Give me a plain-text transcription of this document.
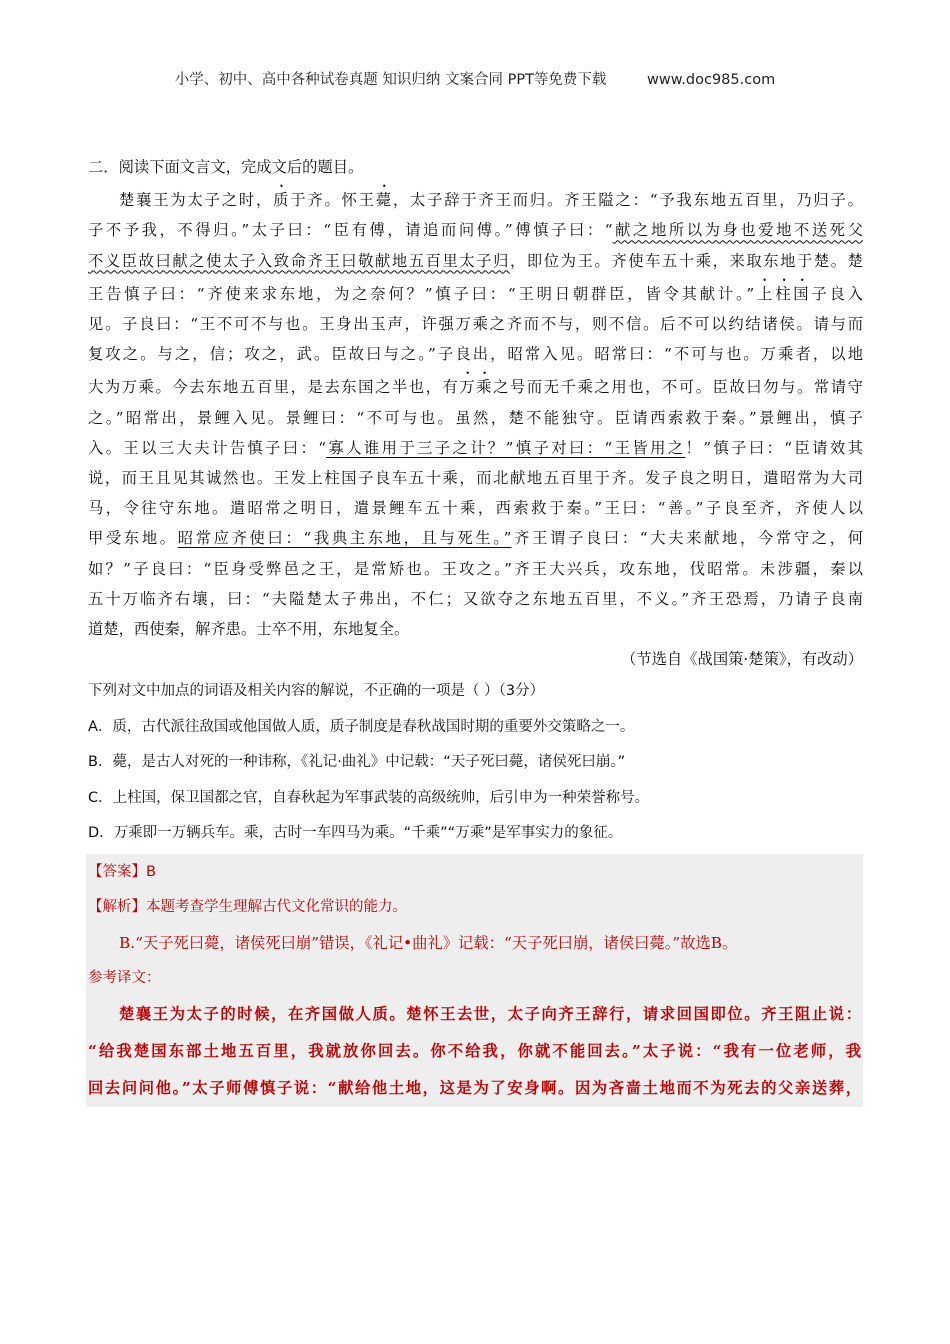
小学、初中、高中各种试卷真题 知识归纳 文案合同 PPT等免费下载	www.doc985.com
二．阅读下面文言文，完成文后的题目。
楚襄王为太子之时，质于齐。怀王薨，太子辞于齐王而归。齐王隘之：“予我东地五百里，乃归子。
子不予我，不得归。”太子曰：“臣有傅，请追而问傅。”傅慎子曰：“献之地所以为身也爱地不送死父
不义臣故曰献之使太子入致命齐王曰敬献地五百里太子归，即位为王。齐使车五十乘，来取东地于楚。楚
王告慎子曰：“齐使来求东地，为之奈何？”慎子曰：“王明日朝群臣，皆令其献计。”上柱国子良入
见。子良曰：“王不可不与也。王身出玉声，许强万乘之齐而不与，则不信。后不可以约结诸侯。请与而
复攻之。与之，信；攻之，武。臣故曰与之。”子良出，昭常入见。昭常曰：“不可与也。万乘者，以地
大为万乘。今去东地五百里，是去东国之半也，有万乘之号而无千乘之用也，不可。臣故曰勿与。常请守
之。”昭常出，景鲤入见。景鲤曰：“不可与也。虽然，楚不能独守。臣请西索救于秦。”景鲤出，慎子
入。王以三大夫计告慎子曰：“寡人谁用于三子之计？”慎子对曰：“王皆用之！”慎子曰：“臣请效其
说，而王且见其诚然也。王发上柱国子良车五十乘，而北献地五百里于齐。发子良之明日，遣昭常为大司
马，令往守东地。遣昭常之明日，遣景鲤车五十乘，西索救于秦。”王曰：“善。”子良至齐，齐使人以
甲受东地。昭常应齐使曰：“我典主东地，且与死生。”齐王谓子良曰：“大夫来献地，今常守之，何
如？”子良曰：“臣身受弊邑之王，是常矫也。王攻之。”齐王大兴兵，攻东地，伐昭常。未涉疆，秦以
五十万临齐右壤，曰：“夫隘楚太子弗出，不仁；又欲夺之东地五百里，不义。”齐王恐焉，乃请子良南
道楚，西使秦，解齐患。士卒不用，东地复全。
（节选自《战国策·楚策》，有改动）
下列对文中加点的词语及相关内容的解说，不正确的一项是（ ）（3分）
A．质，古代派往敌国或他国做人质，质子制度是春秋战国时期的重要外交策略之一。
B．薨，是古人对死的一种讳称，《礼记·曲礼》中记载：“天子死曰薨，诸侯死曰崩。”
C．上柱国，保卫国都之官，自春秋起为军事武装的高级统帅，后引申为一种荣誉称号。
D．万乘即一万辆兵车。乘，古时一车四马为乘。“千乘”“万乘”是军事实力的象征。
【答案】B
【解析】本题考查学生理解古代文化常识的能力。
B.“天子死曰薨，诸侯死曰崩”错误，《礼记•曲礼》记载：“天子死曰崩，诸侯曰薨。”故选B。
参考译文：
楚襄王为太子的时候，在齐国做人质。楚怀王去世，太子向齐王辞行，请求回国即位。齐王阻止说：
“给我楚国东部土地五百里，我就放你回去。你不给我，你就不能回去。”太子说：“我有一位老师，我
回去问问他。”太子师傅慎子说：“献给他土地，这是为了安身啊。因为吝啬土地而不为死去的父亲送葬，
